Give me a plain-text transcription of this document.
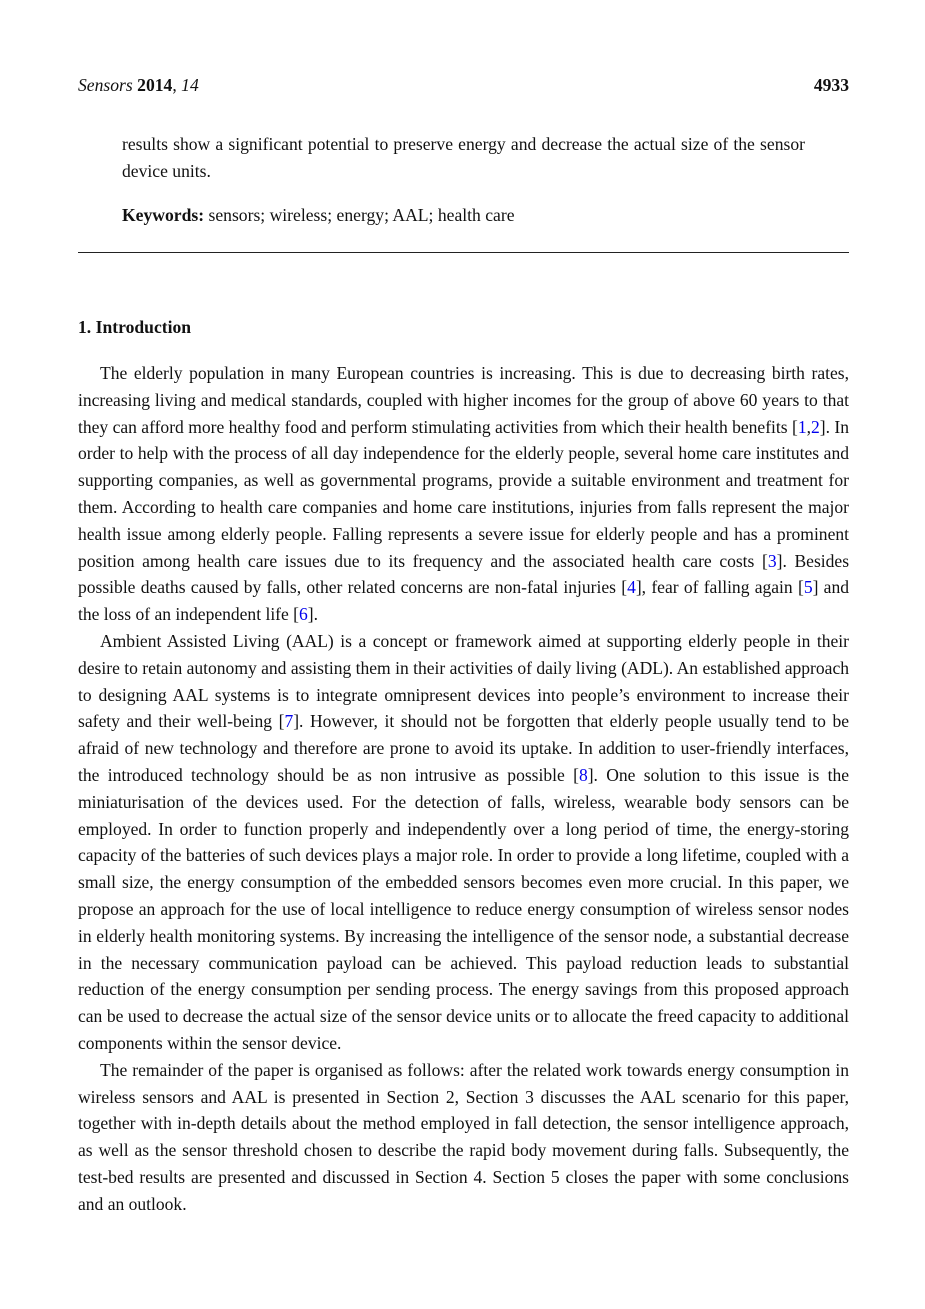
Sensors 2014, 14	4933
results show a significant potential to preserve energy and decrease the actual size of the sensor device units.
Keywords: sensors; wireless; energy; AAL; health care
1. Introduction

The elderly population in many European countries is increasing. This is due to decreasing birth rates, increasing living and medical standards, coupled with higher incomes for the group of above 60 years to that they can afford more healthy food and perform stimulating activities from which their health benefits [1,2]. In order to help with the process of all day independence for the elderly people, several home care institutes and supporting companies, as well as governmental programs, provide a suitable environment and treatment for them. According to health care companies and home care institutions, injuries from falls represent the major health issue among elderly people. Falling represents a severe issue for elderly people and has a prominent position among health care issues due to its frequency and the associated health care costs [3]. Besides possible deaths caused by falls, other related concerns are non-fatal injuries [4], fear of falling again [5] and the loss of an independent life [6].

Ambient Assisted Living (AAL) is a concept or framework aimed at supporting elderly people in their desire to retain autonomy and assisting them in their activities of daily living (ADL). An established approach to designing AAL systems is to integrate omnipresent devices into people’s environment to increase their safety and their well-being [7]. However, it should not be forgotten that elderly people usually tend to be afraid of new technology and therefore are prone to avoid its uptake. In addition to user-friendly interfaces, the introduced technology should be as non intrusive as possible [8]. One solution to this issue is the miniaturisation of the devices used. For the detection of falls, wireless, wearable body sensors can be employed. In order to function properly and independently over a long period of time, the energy-storing capacity of the batteries of such devices plays a major role. In order to provide a long lifetime, coupled with a small size, the energy consumption of the embedded sensors becomes even more crucial. In this paper, we propose an approach for the use of local intelligence to reduce energy consumption of wireless sensor nodes in elderly health monitoring systems. By increasing the intelligence of the sensor node, a substantial decrease in the necessary communication payload can be achieved. This payload reduction leads to substantial reduction of the energy consumption per sending process. The energy savings from this proposed approach can be used to decrease the actual size of the sensor device units or to allocate the freed capacity to additional components within the sensor device.

The remainder of the paper is organised as follows: after the related work towards energy consumption in wireless sensors and AAL is presented in Section 2, Section 3 discusses the AAL scenario for this paper, together with in-depth details about the method employed in fall detection, the sensor intelligence approach, as well as the sensor threshold chosen to describe the rapid body movement during falls. Subsequently, the test-bed results are presented and discussed in Section 4. Section 5 closes the paper with some conclusions and an outlook.
